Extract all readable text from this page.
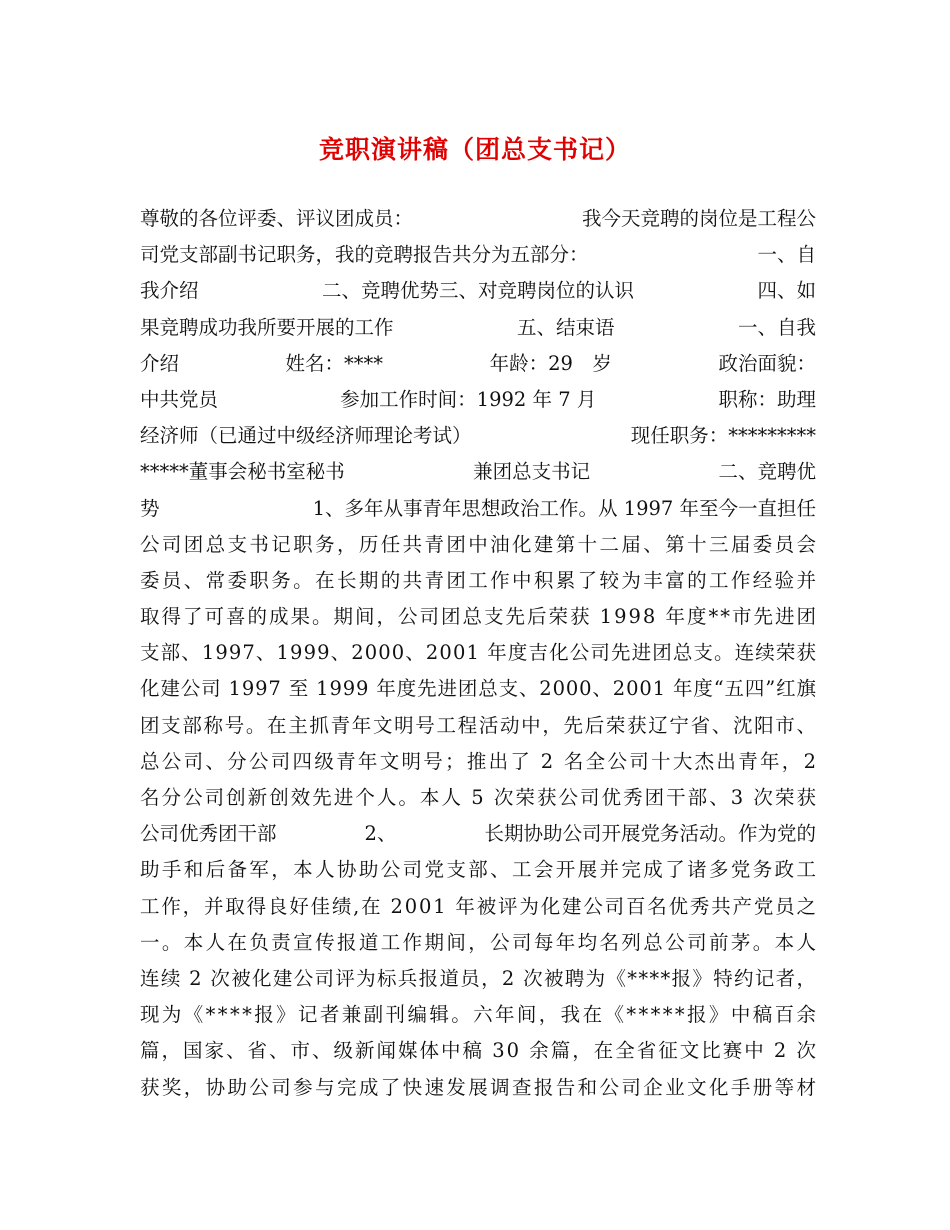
竞职演讲稿（团总支书记）
尊敬的各位评委、评议团成员：	我今天竞聘的岗位是工程公
司党支部副书记职务，我的竞聘报告共分为五部分：	一、自
我介绍	二、竞聘优势三、对竞聘岗位的认识	四、如
果竞聘成功我所要开展的工作	五、结束语	一、自我
介绍	姓名：****	年龄：29　岁	政治面貌：
中共党员	参加工作时间：1992 年 7 月	职称：助理
经济师（已通过中级经济师理论考试）	现任职务：*********
*****董事会秘书室秘书	兼团总支书记	二、竞聘优
势	1、多年从事青年思想政治工作。从 1997 年至今一直担任
公司团总支书记职务，历任共青团中油化建第十二届、第十三届委员会
委员、常委职务。在长期的共青团工作中积累了较为丰富的工作经验并
取得了可喜的成果。期间，公司团总支先后荣获 1998 年度**市先进团
支部、1997、1999、2000、2001 年度吉化公司先进团总支。连续荣获
化建公司 1997 至 1999 年度先进团总支、2000、2001 年度“五四”红旗
团支部称号。在主抓青年文明号工程活动中，先后荣获辽宁省、沈阳市、
总公司、分公司四级青年文明号；推出了 2 名全公司十大杰出青年，2
名分公司创新创效先进个人。本人 5 次荣获公司优秀团干部、3 次荣获
公司优秀团干部	2、	长期协助公司开展党务活动。作为党的
助手和后备军，本人协助公司党支部、工会开展并完成了诸多党务政工
工作，并取得良好佳绩,在 2001 年被评为化建公司百名优秀共产党员之
一。本人在负责宣传报道工作期间，公司每年均名列总公司前茅。本人
连续 2 次被化建公司评为标兵报道员，2 次被聘为《****报》特约记者，
现为《****报》记者兼副刊编辑。六年间，我在《*****报》中稿百余
篇，国家、省、市、级新闻媒体中稿 30 余篇，在全省征文比赛中 2 次
获奖，协助公司参与完成了快速发展调查报告和公司企业文化手册等材
